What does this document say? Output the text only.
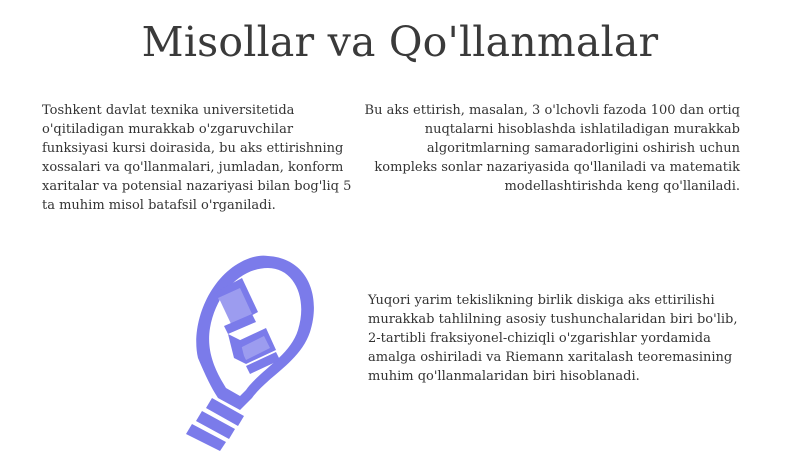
Misollar va Qo'llanmalar

Toshkent davlat texnika universitetida o'qitiladigan murakkab o'zgaruvchilar funksiyasi kursi doirasida, bu aks ettirishning xossalari va qo'llanmalari, jumladan, konform xaritalar va potensial nazariyasi bilan bog'liq 5 ta muhim misol batafsil o'rganiladi.

Bu aks ettirish, masalan, 3 o'lchovli fazoda 100 dan ortiq nuqtalarni hisoblashda ishlatiladigan murakkab algoritmlarning samaradorligini oshirish uchun kompleks sonlar nazariyasida qo'llaniladi va matematik modellashtirishda keng qo'llaniladi.

Yuqori yarim tekislikning birlik diskiga aks ettirilishi murakkab tahlilning asosiy tushunchalaridan biri bo'lib, 2-tartibli fraksiyonel-chiziqli o'zgarishlar yordamida amalga oshiriladi va Riemann xaritalash teoremasining muhim qo'llanmalaridan biri hisoblanadi.
